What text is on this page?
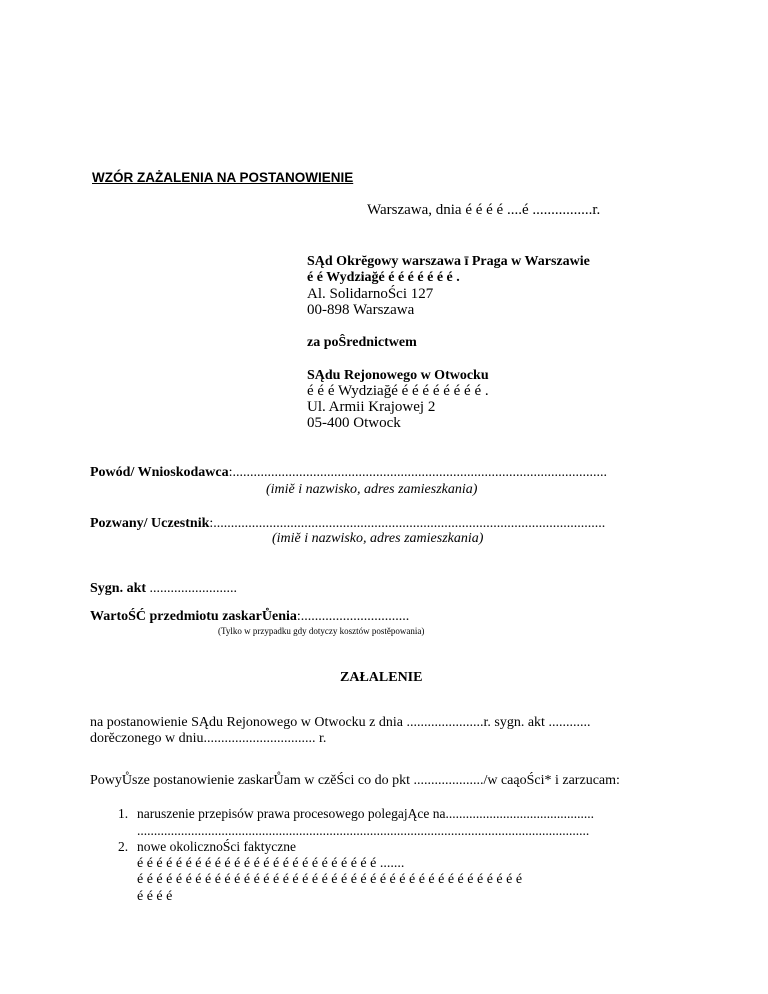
WZÓR ZAŻALENIA NA POSTANOWIENIE
Warszawa, dnia é é é é ....é ................r.
SĄd Okrĕgowy warszawa ī Praga w Warszawie
é é Wydziağé é é é é é é é .
Al. SolidarnoŚci 127
00-898 Warszawa
za poŜrednictwem
SĄdu Rejonowego w Otwocku
é é é Wydziağé é é é é é é é é .
Ul. Armii Krajowej 2
05-400 Otwock
Powód/ Wnioskodawca:...........................................................................................................
(imiĕ i nazwisko, adres zamieszkania)
Pozwany/ Uczestnik:................................................................................................................
(imiĕ i nazwisko, adres zamieszkania)
Sygn. akt .........................
WartoŚĆ przedmiotu zaskarŮenia:...............................
(Tylko w przypadku gdy dotyczy kosztów postĕpowania)
ZAŁALENIE
na postanowienie SĄdu Rejonowego w Otwocku z dnia ......................r. sygn. akt ............
dorĕczonego w dniu................................ r.
PowyŮsze postanowienie zaskarŮam w czĕŚci co do pkt ..................../w caąoŚci* i zarzucam:
1. naruszenie przepisów prawa procesowego polegajĄce na............................................
......................................................................................................................................
2. nowe okolicznoŚci faktyczne
é é é é é é é é é é é é é é é é é é é é é é é é é .......
é é é é é é é é é é é é é é é é é é é é é é é é é é é é é é é é é é é é é é é é
é é é é
